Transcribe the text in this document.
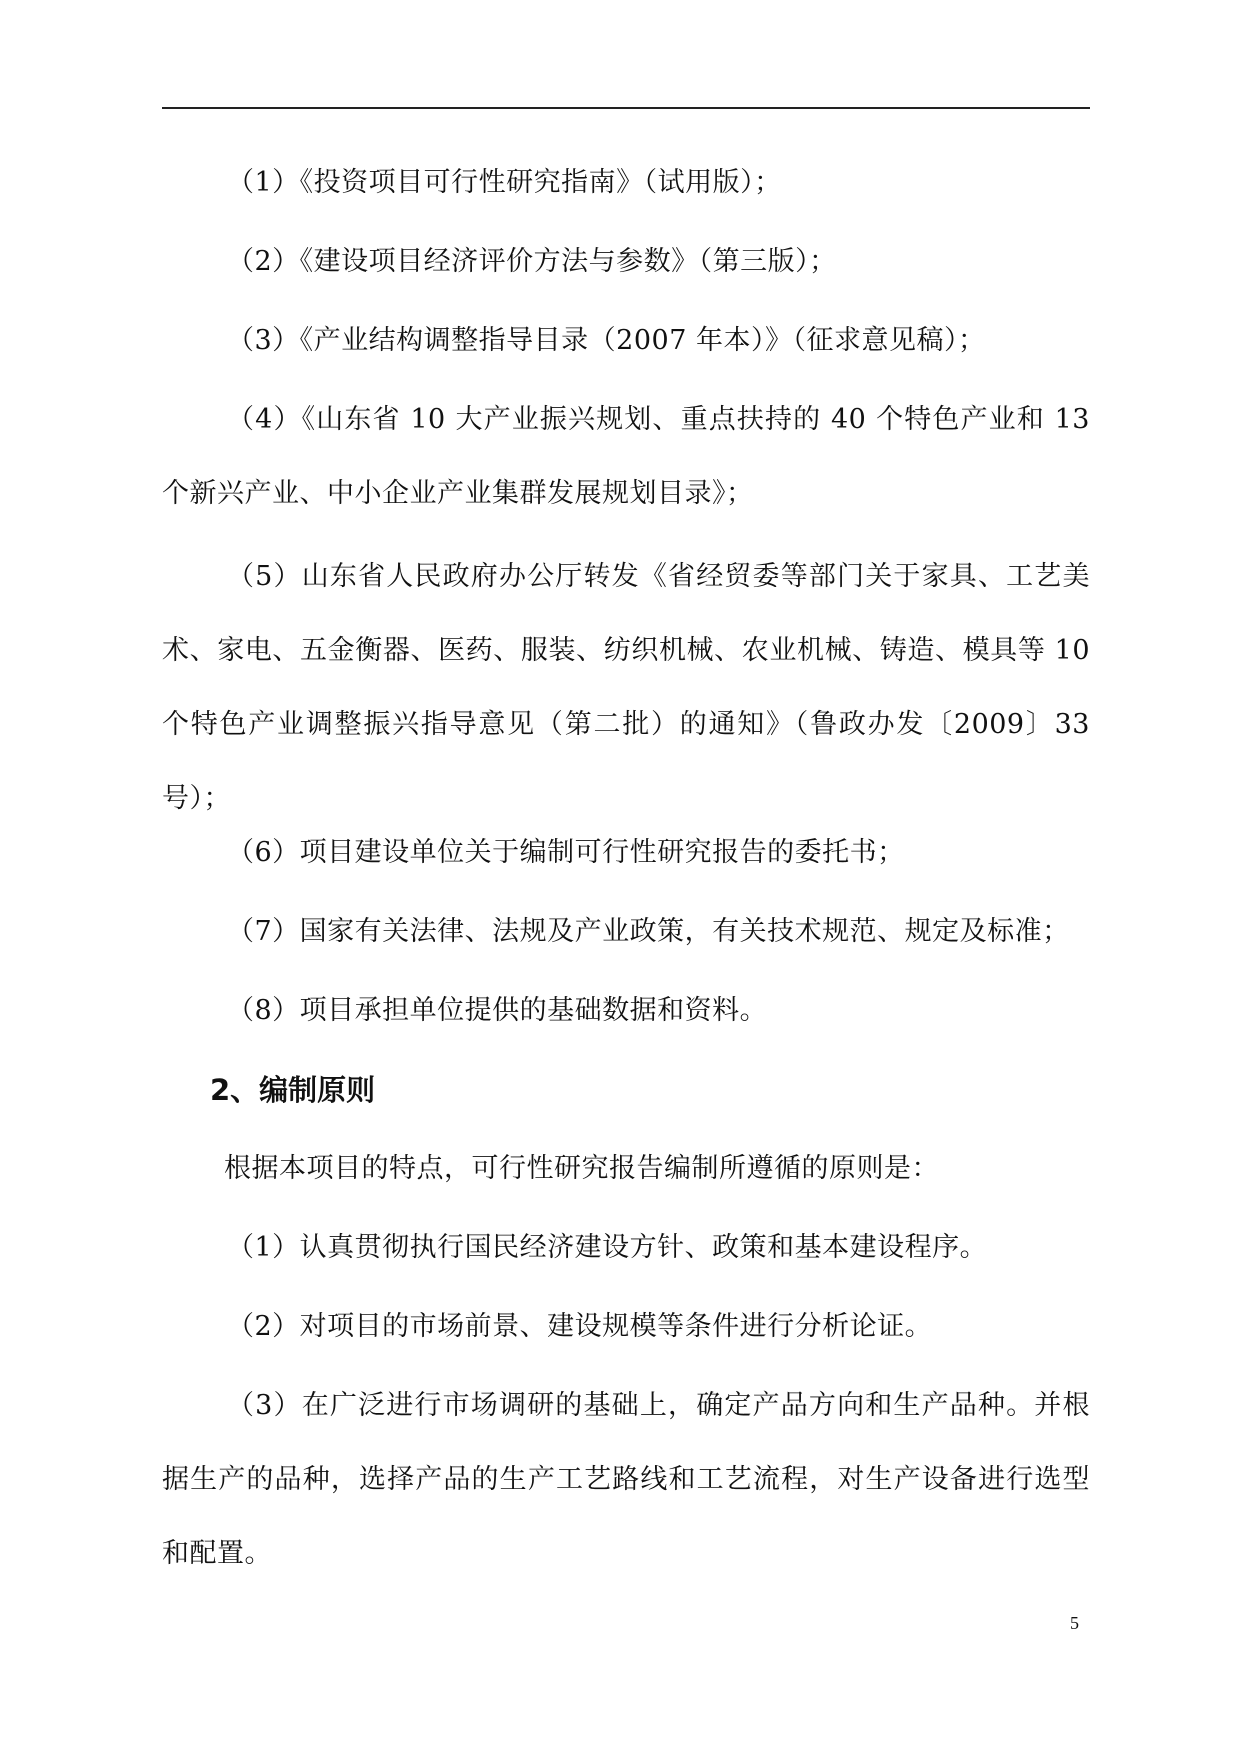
（1）《投资项目可行性研究指南》（试用版）；
（2）《建设项目经济评价方法与参数》（第三版）；
（3）《产业结构调整指导目录（2007 年本）》（征求意见稿）；
（4）《山东省 10 大产业振兴规划、重点扶持的 40 个特色产业和 13 个新兴产业、中小企业产业集群发展规划目录》；
（5）山东省人民政府办公厅转发《省经贸委等部门关于家具、工艺美术、家电、五金衡器、医药、服装、纺织机械、农业机械、铸造、模具等 10 个特色产业调整振兴指导意见（第二批）的通知》（鲁政办发〔2009〕33 号）；
（6）项目建设单位关于编制可行性研究报告的委托书；
（7）国家有关法律、法规及产业政策，有关技术规范、规定及标准；
（8）项目承担单位提供的基础数据和资料。
2、编制原则
根据本项目的特点，可行性研究报告编制所遵循的原则是：
（1）认真贯彻执行国民经济建设方针、政策和基本建设程序。
（2）对项目的市场前景、建设规模等条件进行分析论证。
（3）在广泛进行市场调研的基础上，确定产品方向和生产品种。并根据生产的品种，选择产品的生产工艺路线和工艺流程，对生产设备进行选型和配置。
5
